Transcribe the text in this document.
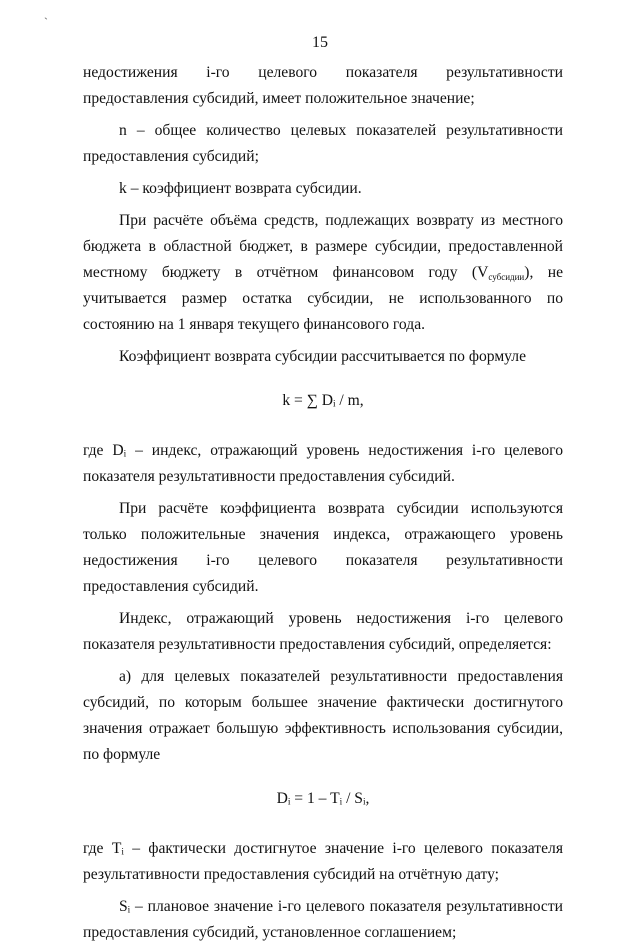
`
15

недостижения i-го целевого показателя результативности предоставления субсидий, имеет положительное значение;

n – общее количество целевых показателей результативности предоставления субсидий;

k – коэффициент возврата субсидии.

При расчёте объёма средств, подлежащих возврату из местного бюджета в областной бюджет, в размере субсидии, предоставленной местному бюджету в отчётном финансовом году $(V_{субсидии})$, не учитывается размер остатка субсидии, не использованного по состоянию на 1 января текущего финансового года.

Коэффициент возврата субсидии рассчитывается по формуле

k = ∑ Dᵢ / m,

где Dᵢ – индекс, отражающий уровень недостижения i-го целевого показателя результативности предоставления субсидий.

При расчёте коэффициента возврата субсидии используются только положительные значения индекса, отражающего уровень недостижения i-го целевого показателя результативности предоставления субсидий.

Индекс, отражающий уровень недостижения i-го целевого показателя результативности предоставления субсидий, определяется:

а) для целевых показателей результативности предоставления субсидий, по которым большее значение фактически достигнутого значения отражает большую эффективность использования субсидии, по формуле

Dᵢ = 1 – Tᵢ / Sᵢ,

где Tᵢ – фактически достигнутое значение i-го целевого показателя результативности предоставления субсидий на отчётную дату;

Sᵢ – плановое значение i-го целевого показателя результативности предоставления субсидий, установленное соглашением;
